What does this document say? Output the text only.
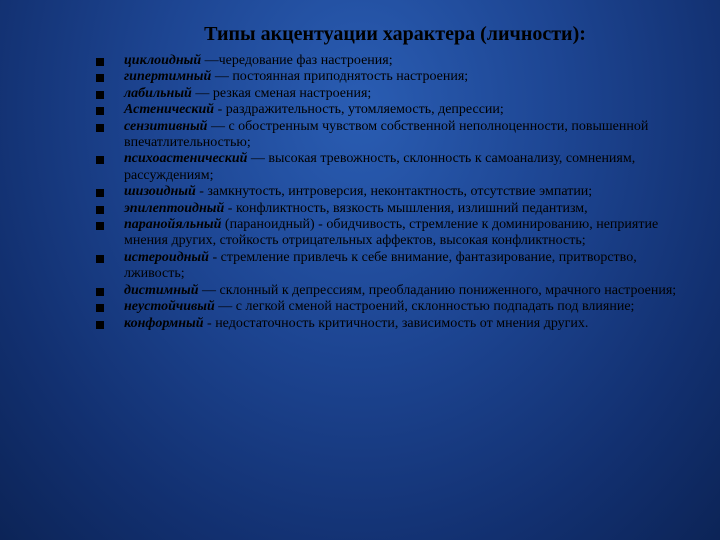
Типы акцентуации характера (личности):
циклоидный —чередование фаз настроения;
гипертимный — постоянная приподнятость настроения;
лабильный — резкая сменая настроения;
Астенический - раздражительность, утомляемость, депрессии;
сензитивный — с обостренным чувством собственной неполноценности, повышенной впечатлительностью;
психоастенический — высокая тревожность, склонность к самоанализу, сомнениям, рассуждениям;
шизоидный - замкнутость, интроверсия, неконтактность, отсутствие эмпатии;
эпилептоидный - конфликтность, вязкость мышления, излишний педантизм,
паранойяльный (параноидный) - обидчивость, стремление к доминированию, неприятие мнения других, стойкость отрицательных аффектов, высокая конфликтность;
истероидный - стремление привлечь к себе внимание, фантазирование, притворство, лживость;
дистимный — склонный к депрессиям, преобладанию пониженного, мрачного настроения;
неустойчивый — с легкой сменой настроений, склонностью подпадать под влияние;
конформный - недостаточность критичности, зависимость от мнения других.
